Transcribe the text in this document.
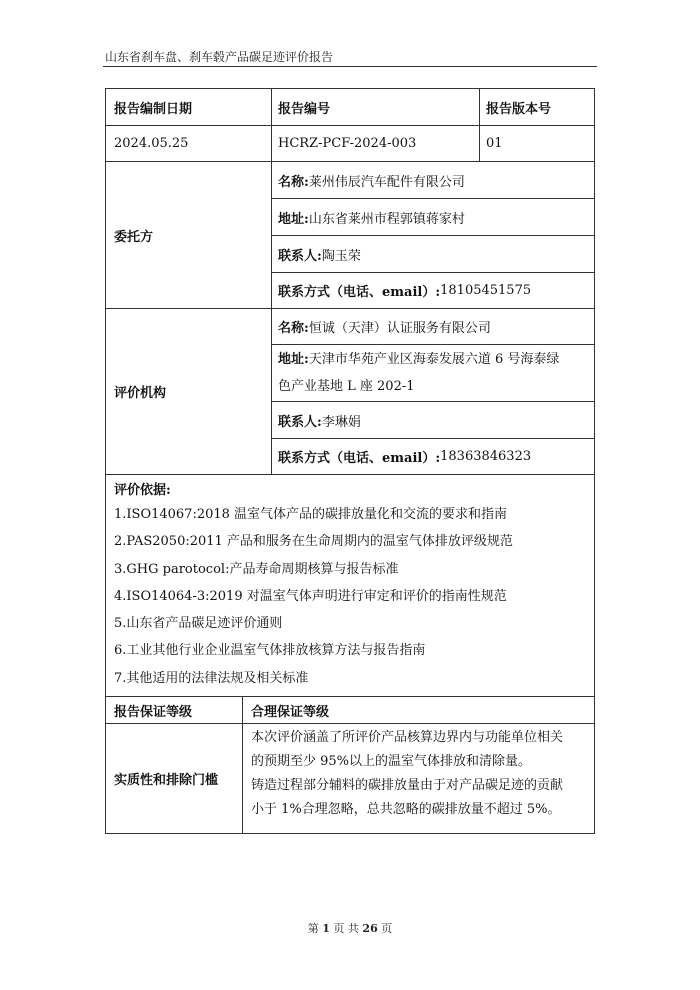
山东省刹车盘、刹车毂产品碳足迹评价报告
报告编制日期	报告编号	报告版本号
2024.05.25	HCRZ-PCF-2024-003	01
委托方
名称: 莱州伟辰汽车配件有限公司
地址: 山东省莱州市程郭镇蒋家村
联系人: 陶玉荣
联系方式（电话、email）: 18105451575
评价机构
名称: 恒诚（天津）认证服务有限公司
地址:天津市华苑产业区海泰发展六道 6 号海泰绿
色产业基地 L 座 202-1
联系人: 李琳娟
联系方式（电话、email）: 18363846323
评价依据:
1.ISO14067:2018 温室气体产品的碳排放量化和交流的要求和指南
2.PAS2050:2011 产品和服务在生命周期内的温室气体排放评级规范
3.GHG parotocol:产品寿命周期核算与报告标准
4.ISO14064-3:2019 对温室气体声明进行审定和评价的指南性规范
5.山东省产品碳足迹评价通则
6.工业其他行业企业温室气体排放核算方法与报告指南
7.其他适用的法律法规及相关标准
报告保证等级	合理保证等级
实质性和排除门槛
本次评价涵盖了所评价产品核算边界内与功能单位相关
的预期至少 95%以上的温室气体排放和清除量。
铸造过程部分辅料的碳排放量由于对产品碳足迹的贡献
小于 1%合理忽略，总共忽略的碳排放量不超过 5%。
第 1 页 共 26 页
